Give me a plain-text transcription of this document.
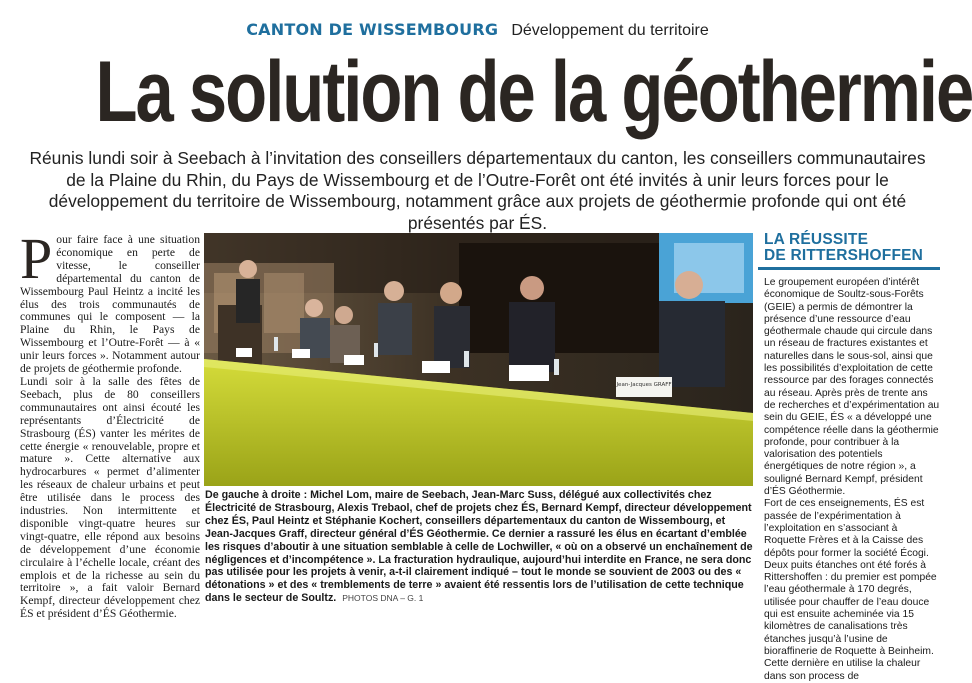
CANTON DE WISSEMBOURG Développement du territoire
La solution de la géothermie

Réunis lundi soir à Seebach à l’invitation des conseillers départementaux du canton, les conseillers communautaires de la Plaine du Rhin, du Pays de Wissembourg et de l’Outre-Forêt ont été invités à unir leurs forces pour le développement du territoire de Wissembourg, notamment grâce aux projets de géothermie profonde qui ont été présentés par ÉS.

P our faire face à une situation économique en perte de vitesse, le conseiller départemental du canton de Wissembourg Paul Heintz a incité les élus des trois communautés de communes qui le composent — la Plaine du Rhin, le Pays de Wissembourg et l’Outre-Forêt — à « unir leurs forces ». Notamment autour de projets de géothermie profonde.

Lundi soir à la salle des fêtes de Seebach, plus de 80 conseillers communautaires ont ainsi écouté les représentants d’Électricité de Strasbourg (ÉS) vanter les mérites de cette énergie « renouvelable, propre et mature ». Cette alternative aux hydrocarbures « permet d’alimenter les réseaux de chaleur urbains et peut être utilisée dans le process des industries. Non intermittente et disponible vingt-quatre heures sur vingt-quatre, elle répond aux besoins de développement d’une économie circulaire à l’échelle locale, créant des emplois et de la richesse au sein du territoire », a fait valoir Bernard Kempf, directeur développement chez ÉS et président d’ÉS Géothermie.

Jean-Jacques GRAFF
De gauche à droite : Michel Lom, maire de Seebach, Jean-Marc Suss, délégué aux collectivités chez Électricité de Strasbourg, Alexis Trebaol, chef de projets chez ÉS, Bernard Kempf, directeur développement chez ÉS, Paul Heintz et Stéphanie Kochert, conseillers départementaux du canton de Wissembourg, et Jean-Jacques Graff, directeur général d’ÉS Géothermie. Ce dernier a rassuré les élus en écartant d’emblée les risques d’aboutir à une situation semblable à celle de Lochwiller, « où on a observé un enchaînement de négligences et d’incompétence ». La fracturation hydraulique, aujourd’hui interdite en France, ne sera donc pas utilisée pour les projets à venir, a-t-il clairement indiqué – tout le monde se souvient de 2003 ou des « détonations » et des « tremblements de terre » avaient été ressentis lors de l’utilisation de cette technique dans le secteur de Soultz. PHOTOS DNA – G. 1
LA RÉUSSITE
DE RITTERSHOFFEN

Le groupement européen d’intérêt économique de Soultz-sous-Forêts (GEIE) a permis de démontrer la présence d’une ressource d’eau géothermale chaude qui circule dans un réseau de fractures existantes et naturelles dans le sous-sol, ainsi que les possibilités d’exploitation de cette ressource par des forages connectés au réseau. Après près de trente ans de recherches et d’expérimentation au sein du GEIE, ÉS « a développé une compétence réelle dans la géothermie profonde, pour contribuer à la valorisation des potentiels énergétiques de notre région », a souligné Bernard Kempf, président d’ÉS Géothermie.

Fort de ces enseignements, ÉS est passée de l’expérimentation à l’exploitation en s’associant à Roquette Frères et à la Caisse des dépôts pour former la société Écogi. Deux puits étanches ont été forés à Rittershoffen : du premier est pompée l’eau géothermale à 170 degrés, utilisée pour chauffer de l’eau douce qui est ensuite acheminée via 15 kilomètres de canalisations très étanches jusqu’à l’usine de bioraffinerie de Roquette à Beinheim. Cette dernière en utilise la chaleur dans son process de
